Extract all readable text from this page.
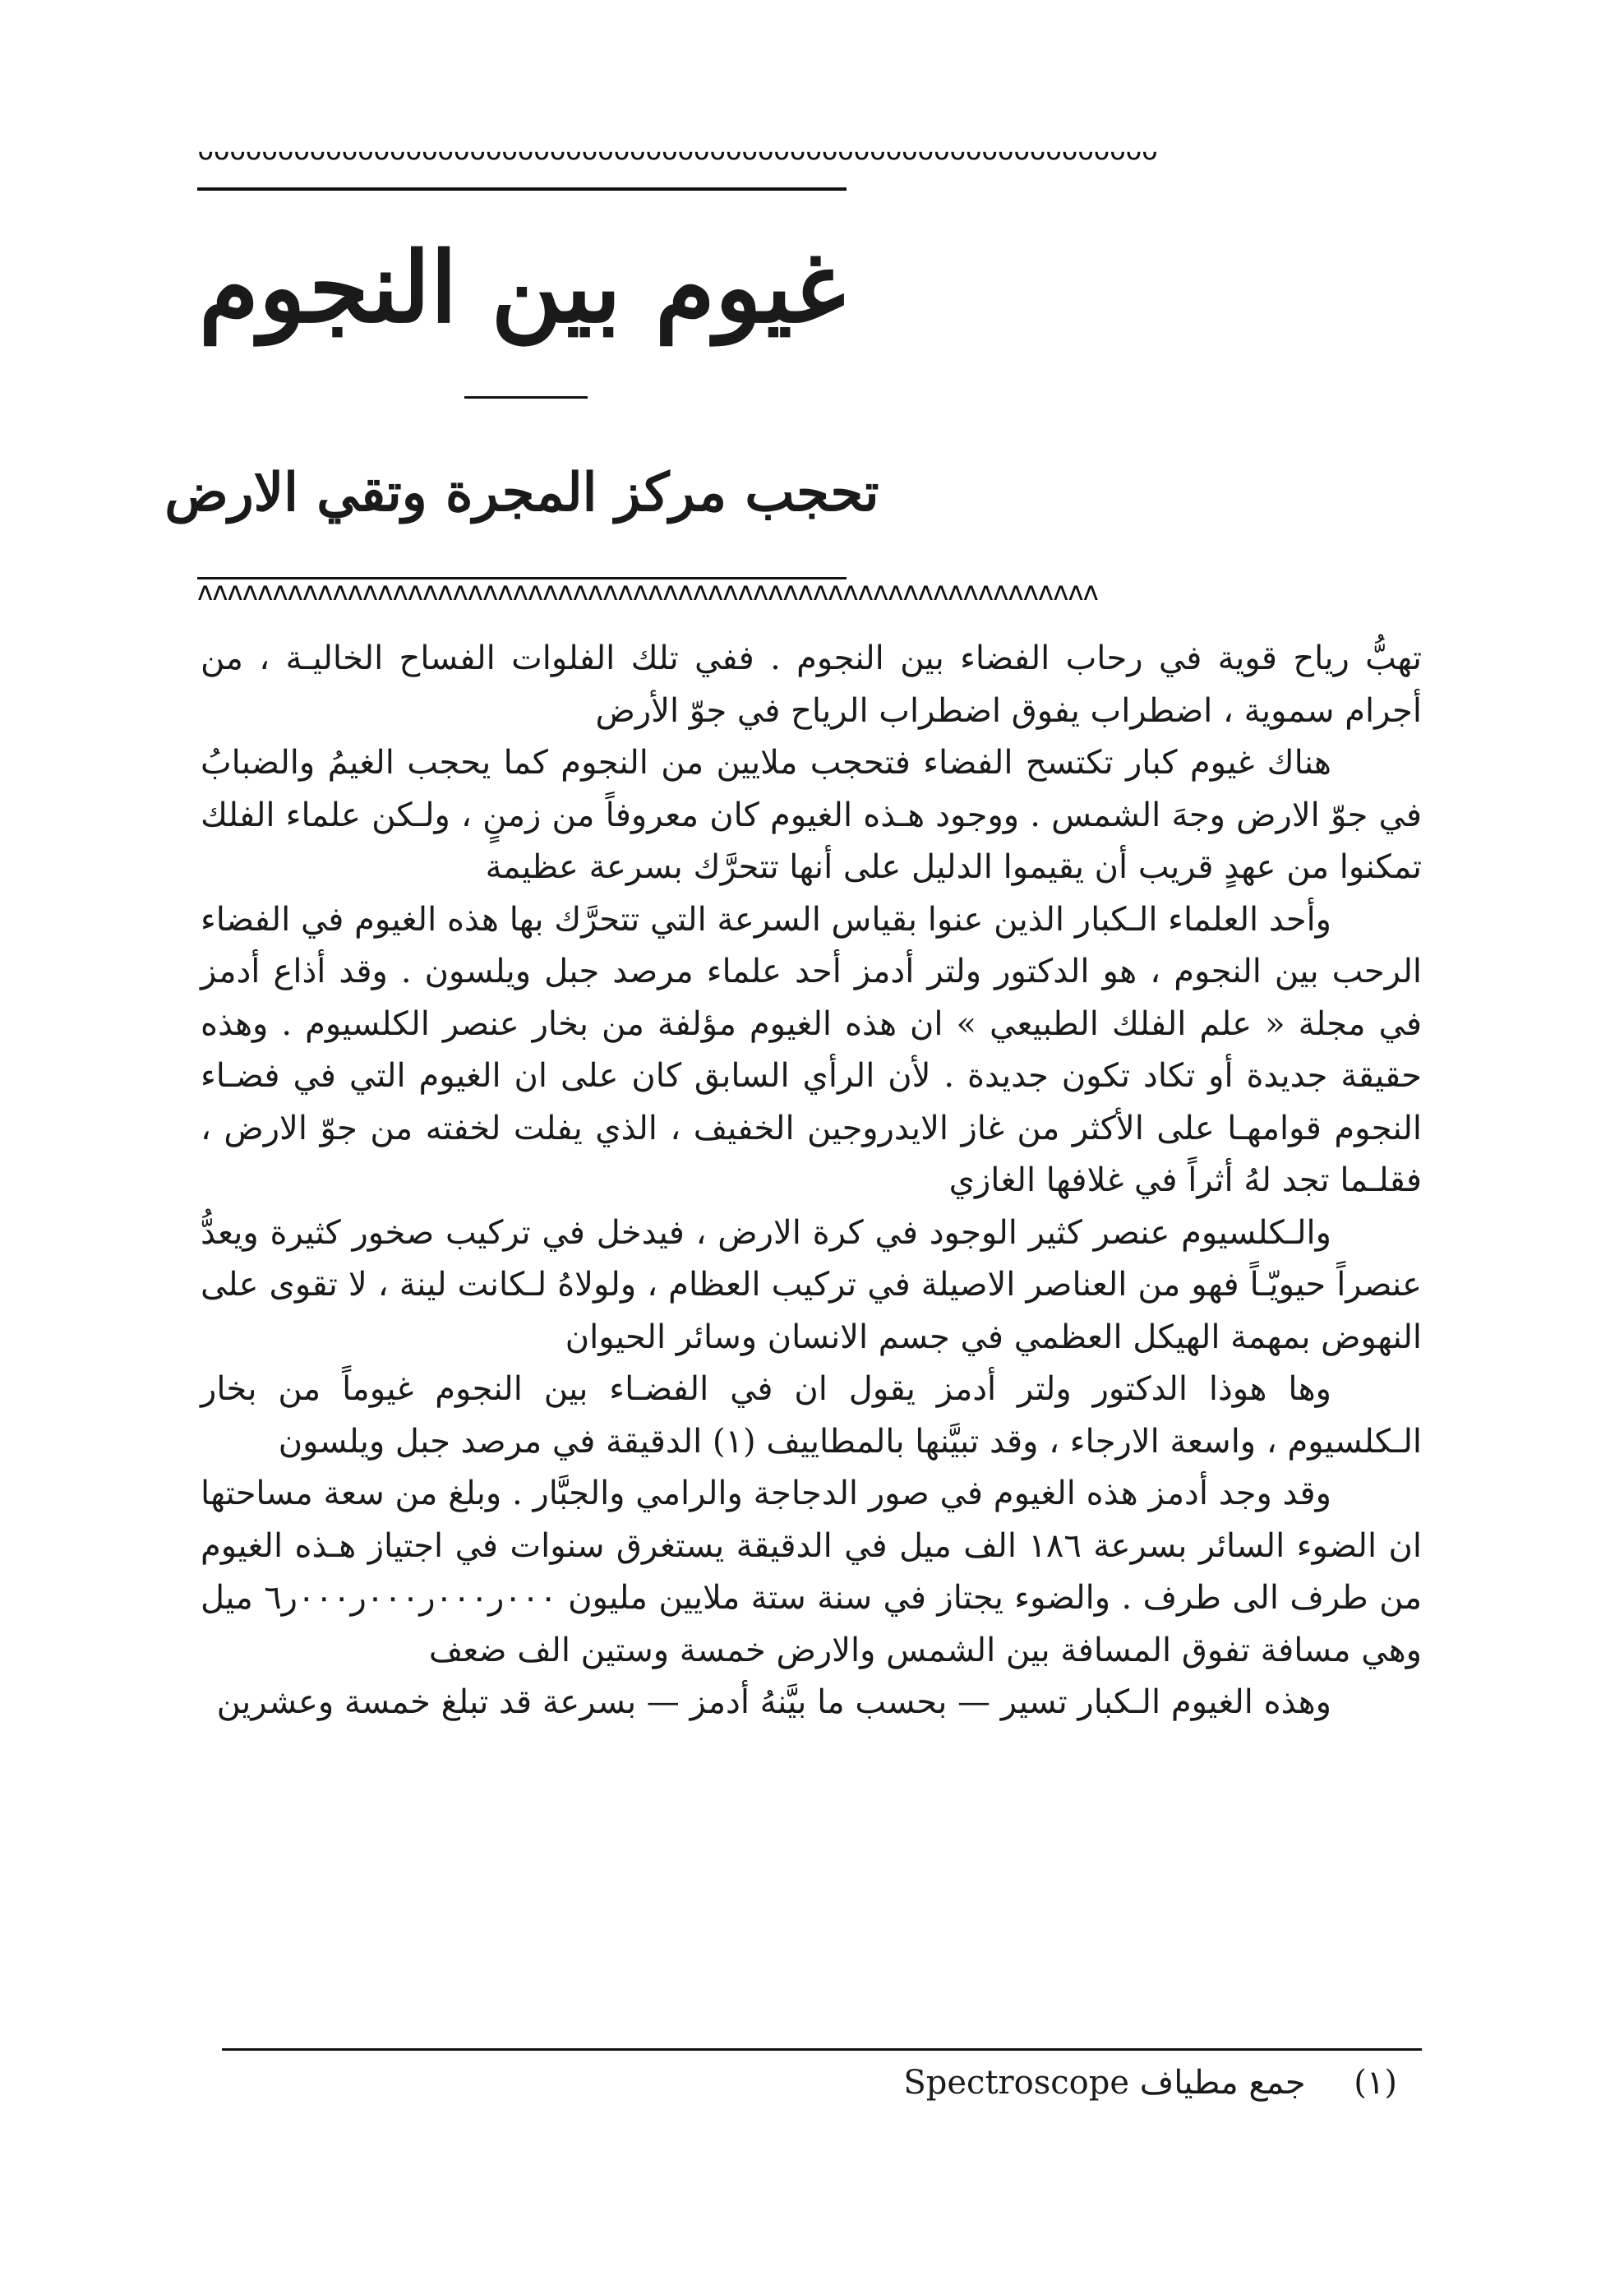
ᴗᴗᴗᴗᴗᴗᴗᴗᴗᴗᴗᴗᴗᴗᴗᴗᴗᴗᴗᴗᴗᴗᴗᴗᴗᴗᴗᴗᴗᴗᴗᴗᴗᴗᴗᴗᴗᴗᴗᴗᴗᴗᴗᴗᴗᴗᴗᴗᴗᴗᴗᴗᴗᴗᴗᴗᴗᴗᴗᴗ
غيوم بين النجوم
تحجب مركز المجرة وتقي الارض
ʌʌʌʌʌʌʌʌʌʌʌʌʌʌʌʌʌʌʌʌʌʌʌʌʌʌʌʌʌʌʌʌʌʌʌʌʌʌʌʌʌʌʌʌʌʌʌʌʌʌʌʌʌʌʌʌʌʌʌʌ

تهبُّ رياح قوية في رحاب الفضاء بين النجوم . ففي تلك الفلوات الفساح الخاليـة ، من أجرام سموية ، اضطراب يفوق اضطراب الرياح في جوّ الأرض

هناك غيوم كبار تكتسح الفضاء فتحجب ملايين من النجوم كما يحجب الغيمُ والضبابُ في جوّ الارض وجهَ الشمس . ووجود هـذه الغيوم كان معروفاً من زمنٍ ، ولـكن علماء الفلك تمكنوا من عهدٍ قريب أن يقيموا الدليل على أنها تتحرَّك بسرعة عظيمة

وأحد العلماء الـكبار الذين عنوا بقياس السرعة التي تتحرَّك بها هذه الغيوم في الفضاء الرحب بين النجوم ، هو الدكتور ولتر أدمز أحد علماء مرصد جبل ويلسون . وقد أذاع أدمز في مجلة « علم الفلك الطبيعي » ان هذه الغيوم مؤلفة من بخار عنصر الكلسيوم . وهذه حقيقة جديدة أو تكاد تكون جديدة . لأن الرأي السابق كان على ان الغيوم التي في فضـاء النجوم قوامهـا على الأكثر من غاز الايدروجين الخفيف ، الذي يفلت لخفته من جوّ الارض ، فقلـما تجد لهُ أثراً في غلافها الغازي

والـكلسيوم عنصر كثير الوجود في كرة الارض ، فيدخل في تركيب صخور كثيرة ويعدُّ عنصراً حيويّـاً فهو من العناصر الاصيلة في تركيب العظام ، ولولاهُ لـكانت لينة ، لا تقوى على النهوض بمهمة الهيكل العظمي في جسم الانسان وسائر الحيوان

وها هوذا الدكتور ولتر أدمز يقول ان في الفضـاء بين النجوم غيوماً من بخار الـكلسيوم ، واسعة الارجاء ، وقد تبيَّنها بالمطاييف (١) الدقيقة في مرصد جبل ويلسون

وقد وجد أدمز هذه الغيوم في صور الدجاجة والرامي والجبَّار . وبلغ من سعة مساحتها ان الضوء السائر بسرعة ١٨٦ الف ميل في الدقيقة يستغرق سنوات في اجتياز هـذه الغيوم من طرف الى طرف . والضوء يجتاز في سنة ستة ملايين مليون ٠٠٠ر٠٠٠ر٠٠٠ر٠٠٠ر٦ ميل وهي مسافة تفوق المسافة بين الشمس والارض خمسة وستين الف ضعف

وهذه الغيوم الـكبار تسير — بحسب ما بيَّنهُ أدمز — بسرعة قد تبلغ خمسة وعشرين

(١) جمع مطياف Spectroscope
